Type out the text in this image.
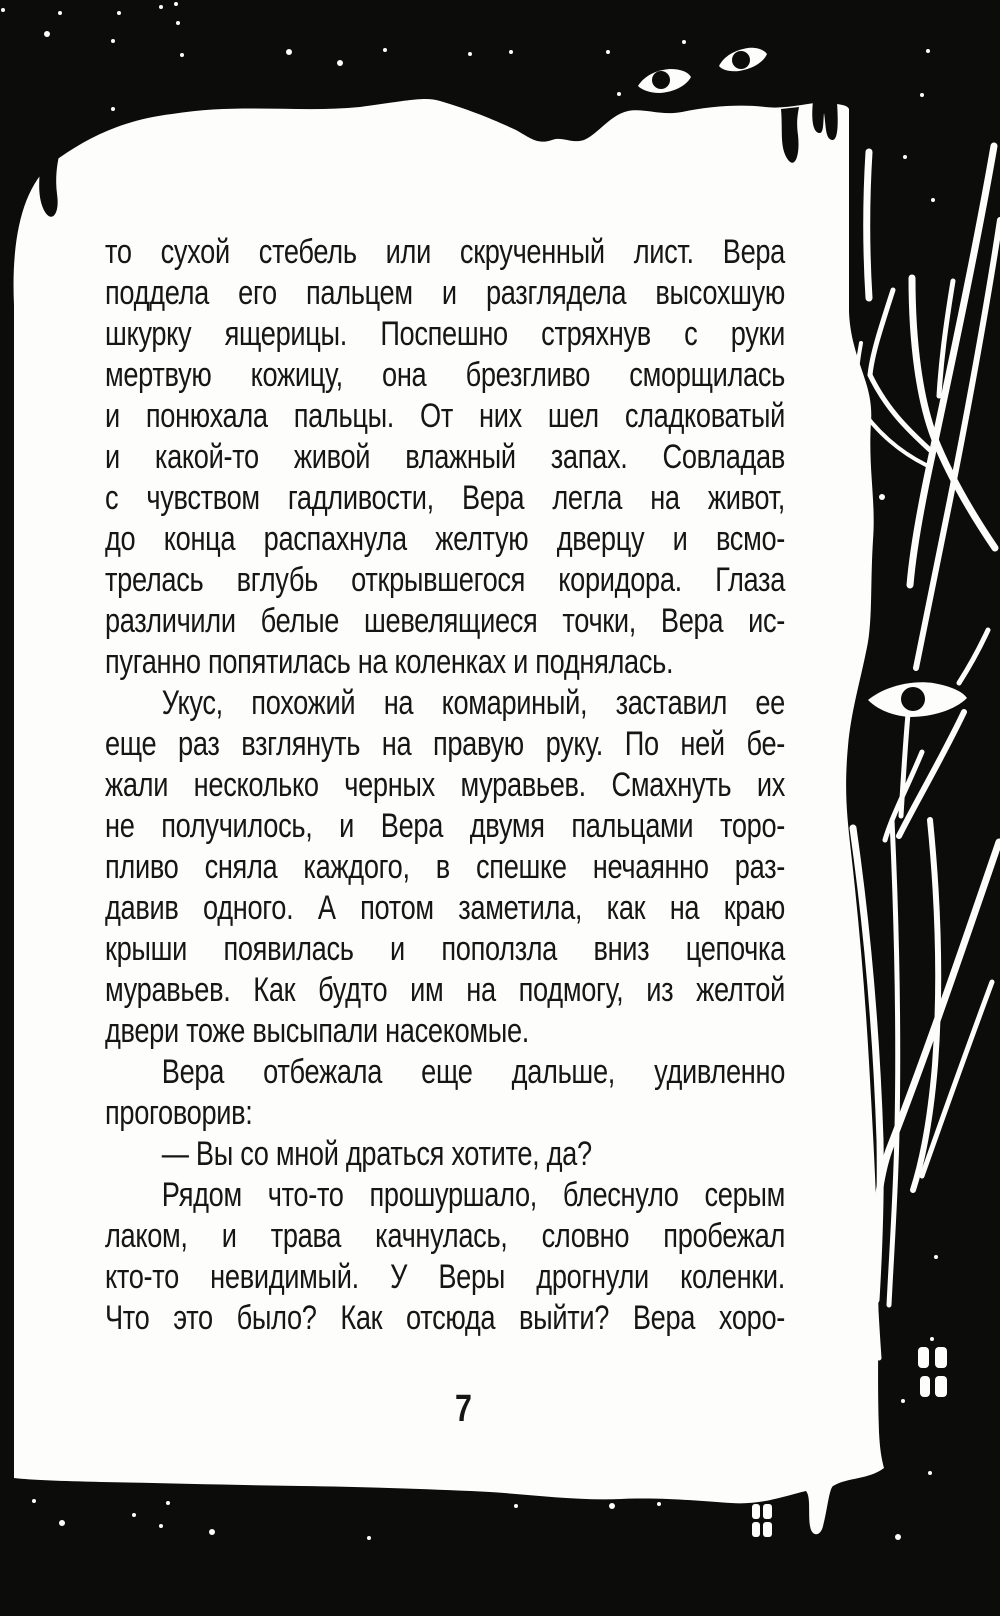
то сухой стебель или скрученный лист. Вера
поддела его пальцем и разглядела высохшую
шкурку ящерицы. Поспешно стряхнув с руки
мертвую кожицу, она брезгливо сморщилась
и понюхала пальцы. От них шел сладковатый
и какой-то живой влажный запах. Совладав
с чувством гадливости, Вера легла на живот,
до конца распахнула желтую дверцу и всмо-
трелась вглубь открывшегося коридора. Глаза
различили белые шевелящиеся точки, Вера ис-
пуганно попятилась на коленках и поднялась.
Укус, похожий на комариный, заставил ее
еще раз взглянуть на правую руку. По ней бе-
жали несколько черных муравьев. Смахнуть их
не получилось, и Вера двумя пальцами торо-
пливо сняла каждого, в спешке нечаянно раз-
давив одного. А потом заметила, как на краю
крыши появилась и поползла вниз цепочка
муравьев. Как будто им на подмогу, из желтой
двери тоже высыпали насекомые.
Вера отбежала еще дальше, удивленно
проговорив:
— Вы со мной драться хотите, да?
Рядом что-то прошуршало, блеснуло серым
лаком, и трава качнулась, словно пробежал
кто-то невидимый. У Веры дрогнули коленки.
Что это было? Как отсюда выйти? Вера хоро-
7
